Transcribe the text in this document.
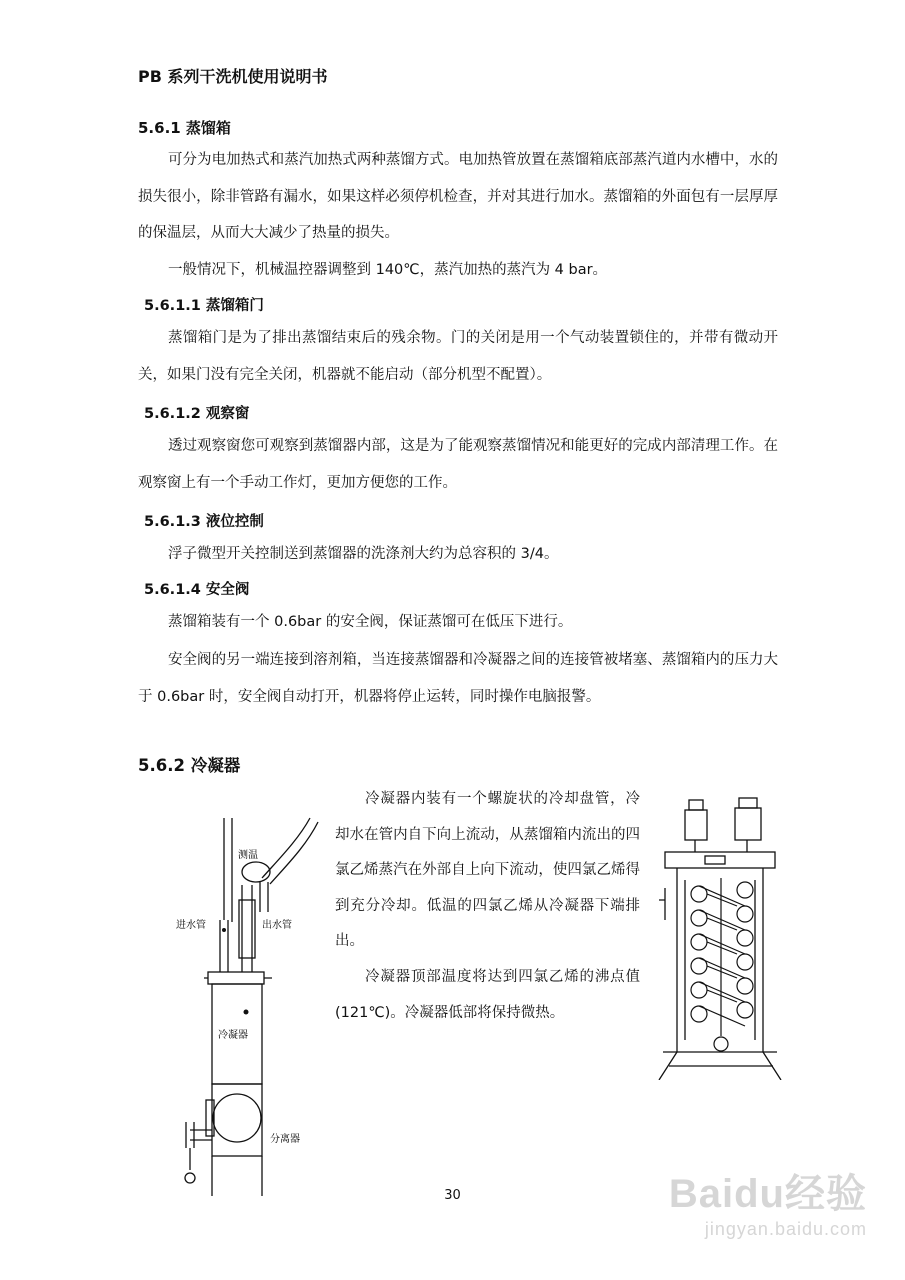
PB 系列干洗机使用说明书
5.6.1 蒸馏箱
可分为电加热式和蒸汽加热式两种蒸馏方式。电加热管放置在蒸馏箱底部蒸汽道内水槽中，水的损失很小，除非管路有漏水，如果这样必须停机检查，并对其进行加水。蒸馏箱的外面包有一层厚厚的保温层，从而大大减少了热量的损失。
一般情况下，机械温控器调整到 140℃，蒸汽加热的蒸汽为 4 bar。
5.6.1.1 蒸馏箱门
蒸馏箱门是为了排出蒸馏结束后的残余物。门的关闭是用一个气动装置锁住的，并带有微动开关，如果门没有完全关闭，机器就不能启动（部分机型不配置）。
5.6.1.2 观察窗
透过观察窗您可观察到蒸馏器内部，这是为了能观察蒸馏情况和能更好的完成内部清理工作。在观察窗上有一个手动工作灯，更加方便您的工作。
5.6.1.3 液位控制
浮子微型开关控制送到蒸馏器的洗涤剂大约为总容积的 3/4。
5.6.1.4 安全阀
蒸馏箱装有一个 0.6bar 的安全阀，保证蒸馏可在低压下进行。
安全阀的另一端连接到溶剂箱，当连接蒸馏器和冷凝器之间的连接管被堵塞、蒸馏箱内的压力大于 0.6bar 时，安全阀自动打开，机器将停止运转，同时操作电脑报警。
5.6.2 冷凝器
冷凝器内装有一个螺旋状的冷却盘管，冷却水在管内自下向上流动，从蒸馏箱内流出的四氯乙烯蒸汽在外部自上向下流动，使四氯乙烯得到充分冷却。低温的四氯乙烯从冷凝器下端排出。
冷凝器顶部温度将达到四氯乙烯的沸点值(121℃)。冷凝器低部将保持微热。
测温
进水管	出水管
冷凝器
分离器
30	Baidu经验
jingyan.baidu.com
